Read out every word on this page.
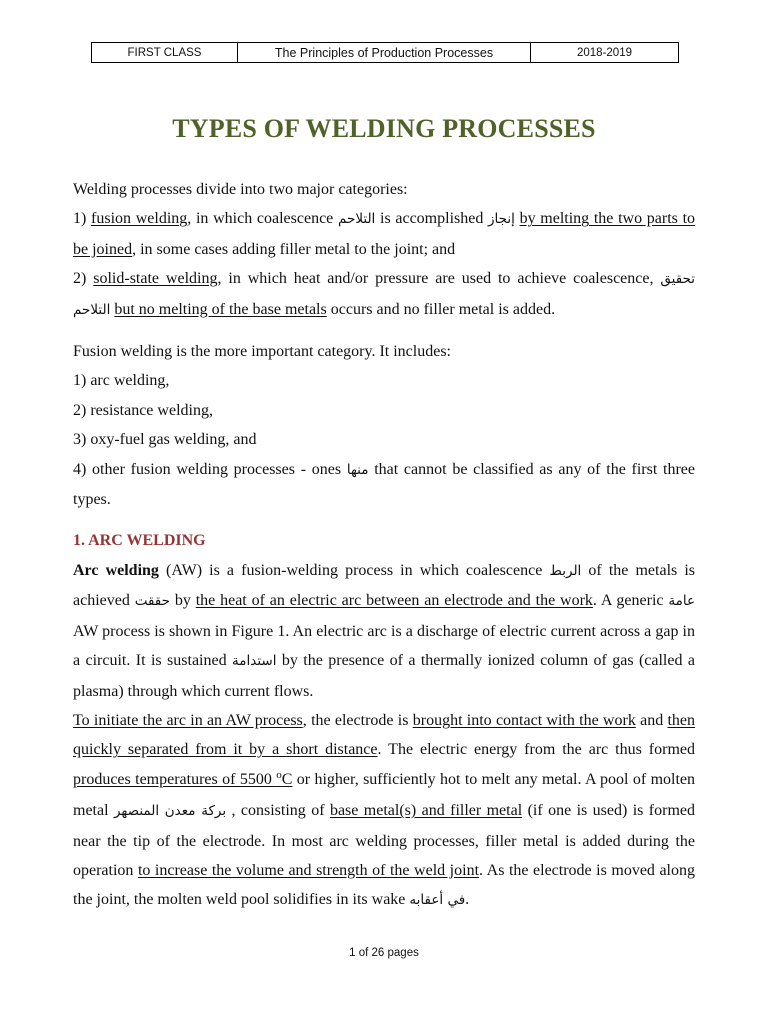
FIRST CLASS	The Principles of Production Processes	2018-2019
TYPES OF WELDING PROCESSES

Welding processes divide into two major categories:

1) fusion welding, in which coalescence التلاحم is accomplished إنجاز by melting the two parts to be joined, in some cases adding filler metal to the joint; and

2) solid-state welding, in which heat and/or pressure are used to achieve coalescence, تحقيق التلاحم but no melting of the base metals occurs and no filler metal is added.

Fusion welding is the more important category. It includes:

1) arc welding,

2) resistance welding,

3) oxy-fuel gas welding, and

4) other fusion welding processes - ones منها that cannot be classified as any of the first three types.

1. ARC WELDING

Arc welding (AW) is a fusion-welding process in which coalescence الربط of the metals is achieved حققت by the heat of an electric arc between an electrode and the work. A generic عامة AW process is shown in Figure 1. An electric arc is a discharge of electric current across a gap in a circuit. It is sustained استدامة by the presence of a thermally ionized column of gas (called a plasma) through which current flows.

To initiate the arc in an AW process, the electrode is brought into contact with the work and then quickly separated from it by a short distance. The electric energy from the arc thus formed produces temperatures of 5500 $^o$C or higher, sufficiently hot to melt any metal. A pool of molten metal بركة معدن المنصهر , consisting of base metal(s) and filler metal (if one is used) is formed near the tip of the electrode. In most arc welding processes, filler metal is added during the operation to increase the volume and strength of the weld joint. As the electrode is moved along the joint, the molten weld pool solidifies in its wake في أعقابه.

1 of 26 pages
